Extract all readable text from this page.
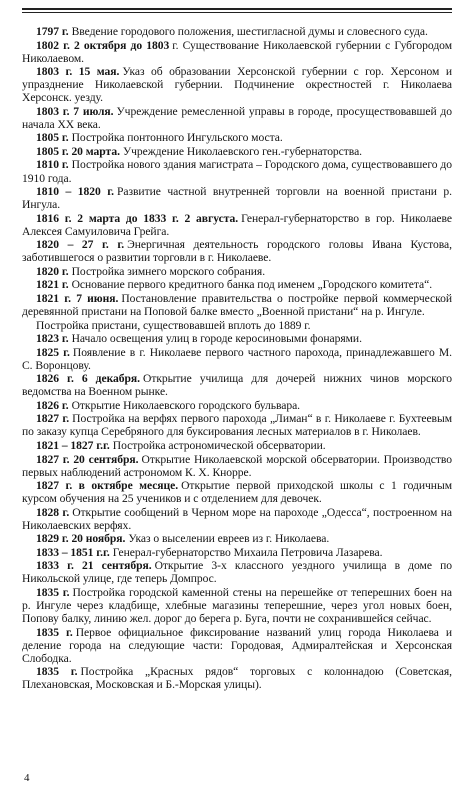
1797 г. Введение городового положения, шестигласной думы и словесного суда.

1802 г. 2 октября до 1803 г. Существование Николаевской губернии с Губгородом Николаевом.

1803 г. 15 мая. Указ об образовании Херсонской губернии с гор. Херсоном и упразднение Николаевской губернии. Подчинение окрестностей г. Николаева Херсонск. уезду.

1803 г. 7 июля. Учреждение ремесленной управы в городе, просуществовавшей до начала XX века.

1805 г. Постройка понтонного Ингульского моста.

1805 г. 20 марта. Учреждение Николаевского ген.-губернаторства.

1810 г. Постройка нового здания магистрата – Городского дома, существовавшего до 1910 года.

1810 – 1820 г. Развитие частной внутренней торговли на военной пристани р. Ингула.

1816 г. 2 марта до 1833 г. 2 августа. Генерал-губернаторство в гор. Николаеве Алексея Самуиловича Грейга.

1820 – 27 г. г. Энергичная деятельность городского головы Ивана Кустова, заботившегося о развитии торговли в г. Николаеве.

1820 г. Постройка зимнего морского собрания.

1821 г. Основание первого кредитного банка под именем „Городского комитета“.

1821 г. 7 июня. Постановление правительства о постройке первой коммерческой деревянной пристани на Поповой балке вместо „Военной пристани“ на р. Ингуле.

Постройка пристани, существовавшей вплоть до 1889 г.

1823 г. Начало освещения улиц в городе керосиновыми фонарями.

1825 г. Появление в г. Николаеве первого частного парохода, принадлежавшего М. С. Воронцову.

1826 г. 6 декабря. Открытие училища для дочерей нижних чинов морского ведомства на Военном рынке.

1826 г. Открытие Николаевского городского бульвара.

1827 г. Постройка на верфях первого парохода „Лиман“ в г. Николаеве г. Бухтеевым по заказу купца Серебряного для буксирования лесных материалов в г. Николаев.

1821 – 1827 г.г. Постройка астрономической обсерватории.

1827 г. 20 сентября. Открытие Николаевской морской обсерватории. Производство первых наблюдений астрономом К. Х. Кнорре.

1827 г. в октябре месяце. Открытие первой приходской школы с 1 годичным курсом обучения на 25 учеников и с отделением для девочек.

1828 г. Открытие сообщений в Черном море на пароходе „Одесса“, построенном на Николаевских верфях.

1829 г. 20 ноября. Указ о выселении евреев из г. Николаева.

1833 – 1851 г.г. Генерал-губернаторство Михаила Петровича Лазарева.

1833 г. 21 сентября. Открытие 3-х классного уездного училища в доме по Никольской улице, где теперь Домпрос.

1835 г. Постройка городской каменной стены на перешейке от теперешних боен на р. Ингуле через кладбище, хлебные магазины теперешние, через угол новых боен, Попову балку, линию жел. дорог до берега р. Буга, почти не сохранившейся сейчас.

1835 г. Первое официальное фиксирование названий улиц города Николаева и деление города на следующие части: Городовая, Адмиралтейская и Херсонская Слободка.

1835 г. Постройка „Красных рядов“ торговых с колоннадою (Советская, Плехановская, Московская и Б.-Морская улицы).

4
